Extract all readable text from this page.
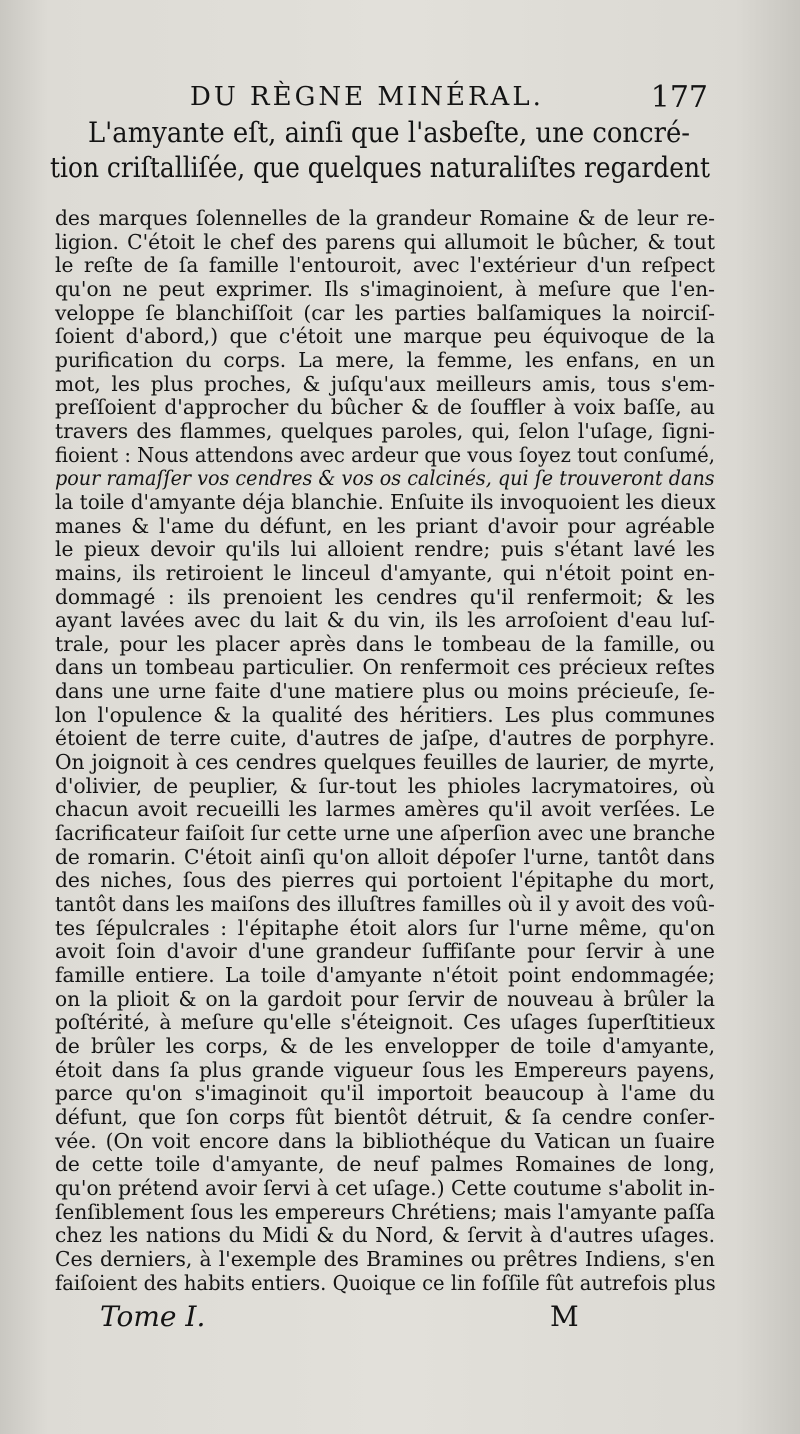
DU RÈGNE MINÉRAL.	177
L'amyante eſt, ainſi que l'asbeſte, une concré-
tion criſtalliſée, que quelques naturaliſtes regardent
des marques ſolennelles de la grandeur Romaine & de leur re-
ligion. C'étoit le chef des parens qui allumoit le bûcher, & tout
le reſte de ſa famille l'entouroit, avec l'extérieur d'un reſpect
qu'on ne peut exprimer. Ils s'imaginoient, à meſure que l'en-
veloppe ſe blanchiſſoit (car les parties balſamiques la noirciſ-
ſoient d'abord,) que c'étoit une marque peu équivoque de la
purification du corps. La mere, la femme, les enfans, en un
mot, les plus proches, & juſqu'aux meilleurs amis, tous s'em-
preſſoient d'approcher du bûcher & de ſouffler à voix baſſe, au
travers des flammes, quelques paroles, qui, ſelon l'uſage, ſigni-
fioient : Nous attendons avec ardeur que vous ſoyez tout conſumé,
pour ramaſſer vos cendres & vos os calcinés, qui ſe trouveront dans
la toile d'amyante déja blanchie. Enſuite ils invoquoient les dieux
manes & l'ame du défunt, en les priant d'avoir pour agréable
le pieux devoir qu'ils lui alloient rendre; puis s'étant lavé les
mains, ils retiroient le linceul d'amyante, qui n'étoit point en-
dommagé : ils prenoient les cendres qu'il renfermoit; & les
ayant lavées avec du lait & du vin, ils les arroſoient d'eau luſ-
trale, pour les placer après dans le tombeau de la famille, ou
dans un tombeau particulier. On renfermoit ces précieux reſtes
dans une urne faite d'une matiere plus ou moins précieuſe, ſe-
lon l'opulence & la qualité des héritiers. Les plus communes
étoient de terre cuite, d'autres de jaſpe, d'autres de porphyre.
On joignoit à ces cendres quelques feuilles de laurier, de myrte,
d'olivier, de peuplier, & ſur-tout les phioles lacrymatoires, où
chacun avoit recueilli les larmes amères qu'il avoit verſées. Le
ſacrificateur faiſoit ſur cette urne une aſperſion avec une branche
de romarin. C'étoit ainſi qu'on alloit dépoſer l'urne, tantôt dans
des niches, ſous des pierres qui portoient l'épitaphe du mort,
tantôt dans les maiſons des illuſtres familles où il y avoit des voû-
tes ſépulcrales : l'épitaphe étoit alors ſur l'urne même, qu'on
avoit ſoin d'avoir d'une grandeur ſuffiſante pour ſervir à une
famille entiere. La toile d'amyante n'étoit point endommagée;
on la plioit & on la gardoit pour ſervir de nouveau à brûler la
poſtérité, à meſure qu'elle s'éteignoit. Ces uſages ſuperſtitieux
de brûler les corps, & de les envelopper de toile d'amyante,
étoit dans ſa plus grande vigueur ſous les Empereurs payens,
parce qu'on s'imaginoit qu'il importoit beaucoup à l'ame du
défunt, que ſon corps fût bientôt détruit, & ſa cendre conſer-
vée. (On voit encore dans la bibliothéque du Vatican un ſuaire
de cette toile d'amyante, de neuf palmes Romaines de long,
qu'on prétend avoir ſervi à cet uſage.) Cette coutume s'abolit in-
ſenſiblement ſous les empereurs Chrétiens; mais l'amyante paſſa
chez les nations du Midi & du Nord, & ſervit à d'autres uſages.
Ces derniers, à l'exemple des Bramines ou prêtres Indiens, s'en
faiſoient des habits entiers. Quoique ce lin foſſile fût autrefois plus
Tome I.	M
